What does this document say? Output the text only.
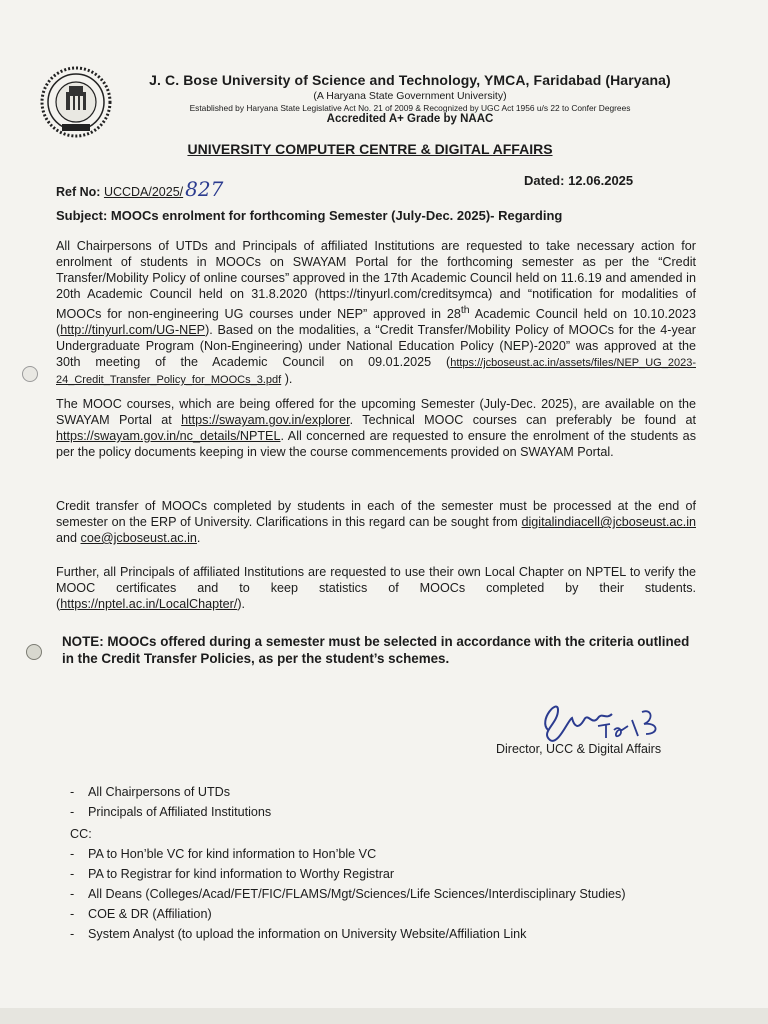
J. C. Bose University of Science and Technology, YMCA, Faridabad (Haryana)
(A Haryana State Government University)
Established by Haryana State Legislative Act No. 21 of 2009 & Recognized by UGC Act 1956 u/s 22 to Confer Degrees
Accredited A+ Grade by NAAC
UNIVERSITY COMPUTER CENTRE & DIGITAL AFFAIRS
Ref No: UCCDA/2025/ 827	Dated: 12.06.2025
Subject: MOOCs enrolment for forthcoming Semester (July-Dec. 2025)- Regarding
All Chairpersons of UTDs and Principals of affiliated Institutions are requested to take necessary action for enrolment of students in MOOCs on SWAYAM Portal for the forthcoming semester as per the “Credit Transfer/Mobility Policy of online courses” approved in the 17th Academic Council held on 11.6.19 and amended in 20th Academic Council held on 31.8.2020 (https://tinyurl.com/creditsymca) and “notification for modalities of MOOCs for non-engineering UG courses under NEP” approved in 28th Academic Council held on 10.10.2023 (http://tinyurl.com/UG-NEP). Based on the modalities, a “Credit Transfer/Mobility Policy of MOOCs for the 4-year Undergraduate Program (Non-Engineering) under National Education Policy (NEP)-2020” was approved at the 30th meeting of the Academic Council on 09.01.2025 (https://jcboseust.ac.in/assets/files/NEP_UG_2023-24_Credit_Transfer_Policy_for_MOOCs_3.pdf ).
The MOOC courses, which are being offered for the upcoming Semester (July-Dec. 2025), are available on the SWAYAM Portal at https://swayam.gov.in/explorer. Technical MOOC courses can preferably be found at https://swayam.gov.in/nc_details/NPTEL. All concerned are requested to ensure the enrolment of the students as per the policy documents keeping in view the course commencements provided on SWAYAM Portal.
Credit transfer of MOOCs completed by students in each of the semester must be processed at the end of semester on the ERP of University. Clarifications in this regard can be sought from digitalindiacell@jcboseust.ac.in and coe@jcboseust.ac.in.
Further, all Principals of affiliated Institutions are requested to use their own Local Chapter on NPTEL to verify the MOOC certificates and to keep statistics of MOOCs completed by their students. (https://nptel.ac.in/LocalChapter/).
NOTE: MOOCs offered during a semester must be selected in accordance with the criteria outlined in the Credit Transfer Policies, as per the student’s schemes.
Director, UCC & Digital Affairs
- All Chairpersons of UTDs
- Principals of Affiliated Institutions
CC:
- PA to Hon’ble VC for kind information to Hon’ble VC
- PA to Registrar for kind information to Worthy Registrar
- All Deans (Colleges/Acad/FET/FIC/FLAMS/Mgt/Sciences/Life Sciences/Interdisciplinary Studies)
- COE & DR (Affiliation)
- System Analyst (to upload the information on University Website/Affiliation Link
